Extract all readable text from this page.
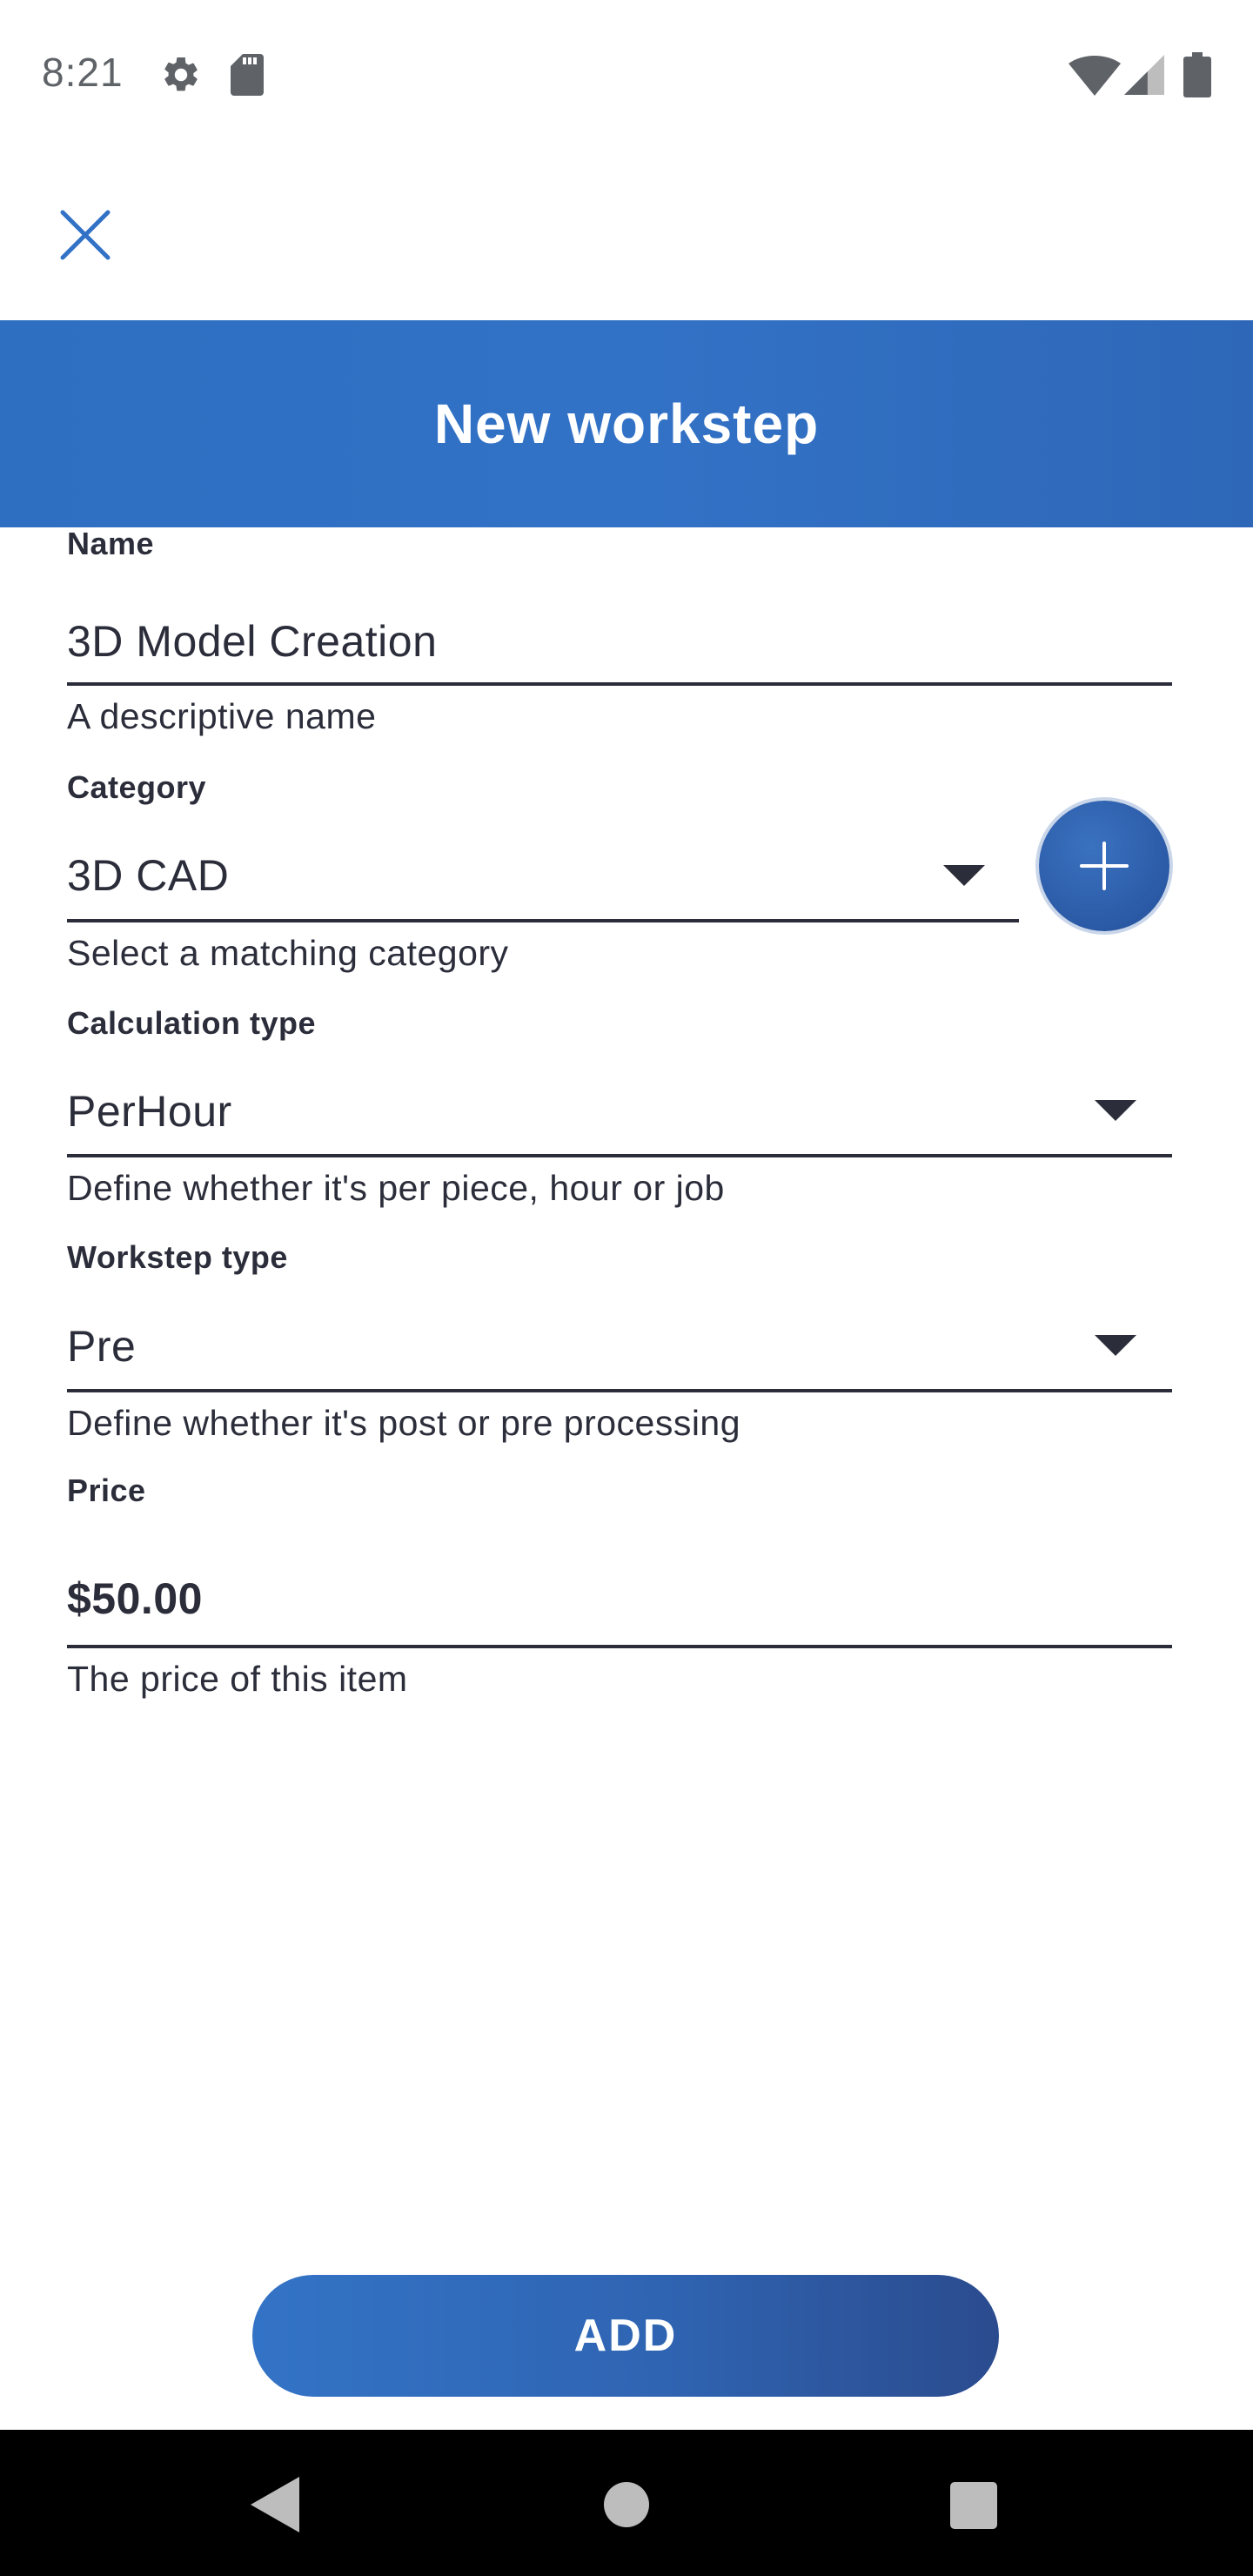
8:21
New workstep
Name
3D Model Creation
A descriptive name
Category
3D CAD
Select a matching category
Calculation type
PerHour
Define whether it's per piece, hour or job
Workstep type
Pre
Define whether it's post or pre processing
Price
$50.00
The price of this item
ADD
